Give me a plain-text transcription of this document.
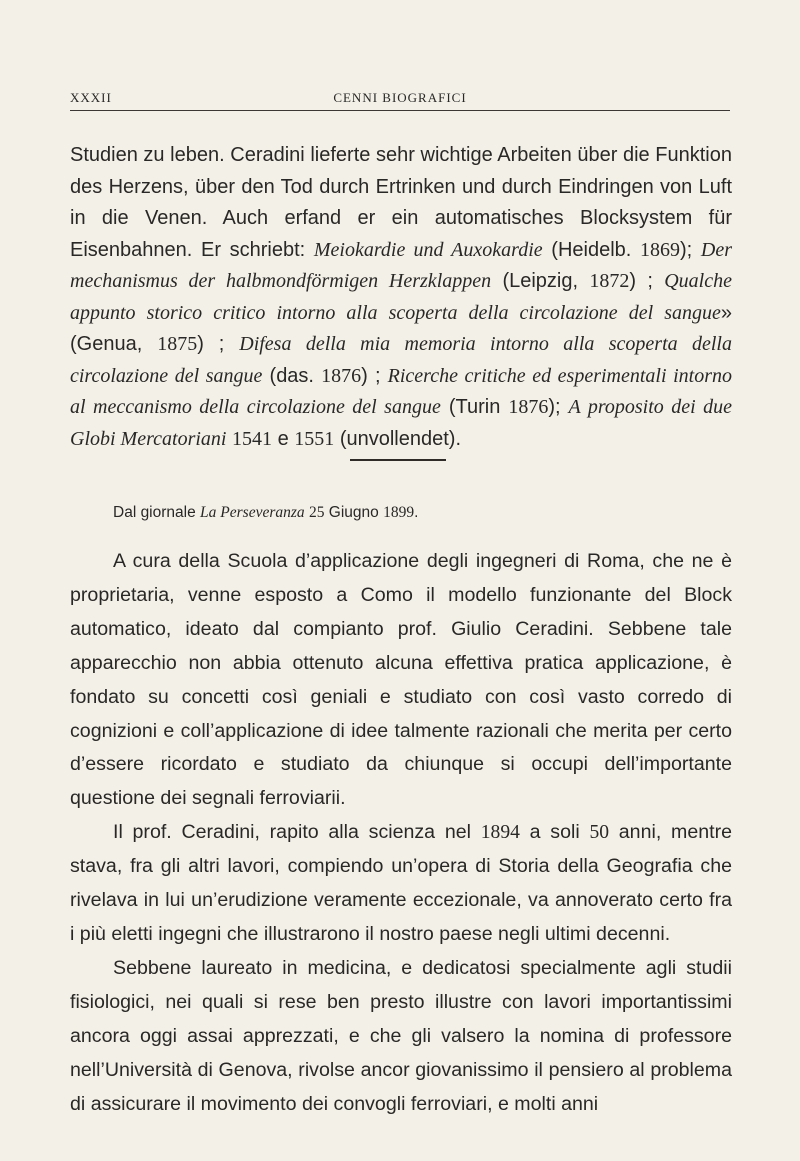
XXXII	CENNI BIOGRAFICI

Studien zu leben. Ceradini lieferte sehr wichtige Arbeiten über die Funktion des Herzens, über den Tod durch Ertrinken und durch Eindringen von Luft in die Venen. Auch erfand er ein automatisches Blocksystem für Eisenbahnen. Er schriebt: Meiokardie und Auxokardie (Heidelb. 1869); Der mechanismus der halbmondförmigen Herzklappen (Leipzig, 1872) ; Qualche appunto storico critico intorno alla scoperta della circolazione del sangue» (Genua, 1875) ; Difesa della mia memoria intorno alla scoperta della circolazione del sangue (das. 1876) ; Ricerche critiche ed esperimentali intorno al meccanismo della circolazione del sangue (Turin 1876); A proposito dei due Globi Mercatoriani 1541 e 1551 (unvollendet).

Dal giornale La Perseveranza 25 Giugno 1899.

A cura della Scuola d’applicazione degli ingegneri di Roma, che ne è proprietaria, venne esposto a Como il modello funzionante del Block automatico, ideato dal compianto prof. Giulio Ceradini. Sebbene tale apparecchio non abbia ottenuto alcuna effettiva pratica applicazione, è fondato su concetti così geniali e studiato con così vasto corredo di cognizioni e coll’applicazione di idee talmente razionali che merita per certo d’essere ricordato e studiato da chiunque si occupi dell’importante questione dei segnali ferroviarii.

Il prof. Ceradini, rapito alla scienza nel 1894 a soli 50 anni, mentre stava, fra gli altri lavori, compiendo un’opera di Storia della Geografia che rivelava in lui un’erudizione veramente eccezionale, va annoverato certo fra i più eletti ingegni che illustrarono il nostro paese negli ultimi decenni.

Sebbene laureato in medicina, e dedicatosi specialmente agli studii fisiologici, nei quali si rese ben presto illustre con lavori importantissimi ancora oggi assai apprezzati, e che gli valsero la nomina di professore nell’Università di Genova, rivolse ancor giovanissimo il pensiero al problema di assicurare il movimento dei convogli ferroviari, e molti anni
